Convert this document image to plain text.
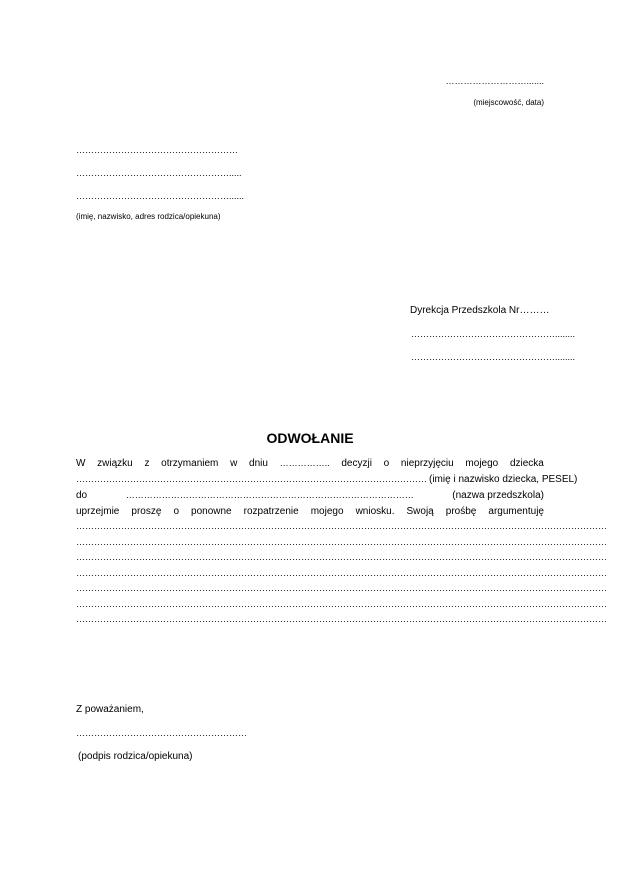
……………………….......
(miejscowość, data)
………………………………………………
…………………………………………….....
……………………………………………......
(imię, nazwisko, adres rodzica/opiekuna)
Dyrekcja Przedszkola Nr………
…………………………………………........
…………………………………………........
ODWOŁANIE
W związku z otrzymaniem w dniu …………….. decyzji o nieprzyjęciu mojego dziecka
……………………………………………………………………………………………………… (imię i nazwisko dziecka, PESEL)
do	……………………………………………………………………………………	(nazwa przedszkola)
uprzejmie proszę o ponowne rozpatrzenie mojego wniosku. Swoją prośbę argumentuję
……………………………………………………………………………………………………………………………………………………………
……………………………………………………………………………………………………………………………………………………………
……………………………………………………………………………………………………………………………………………………………
……………………………………………………………………………………………………………………………………………………………
……………………………………………………………………………………………………………………………………………………………
……………………………………………………………………………………………………………………………………………………………
……………………………………………………………………………………………………………………………………………………………
Z poważaniem,
…………………………………………………
(podpis rodzica/opiekuna)
